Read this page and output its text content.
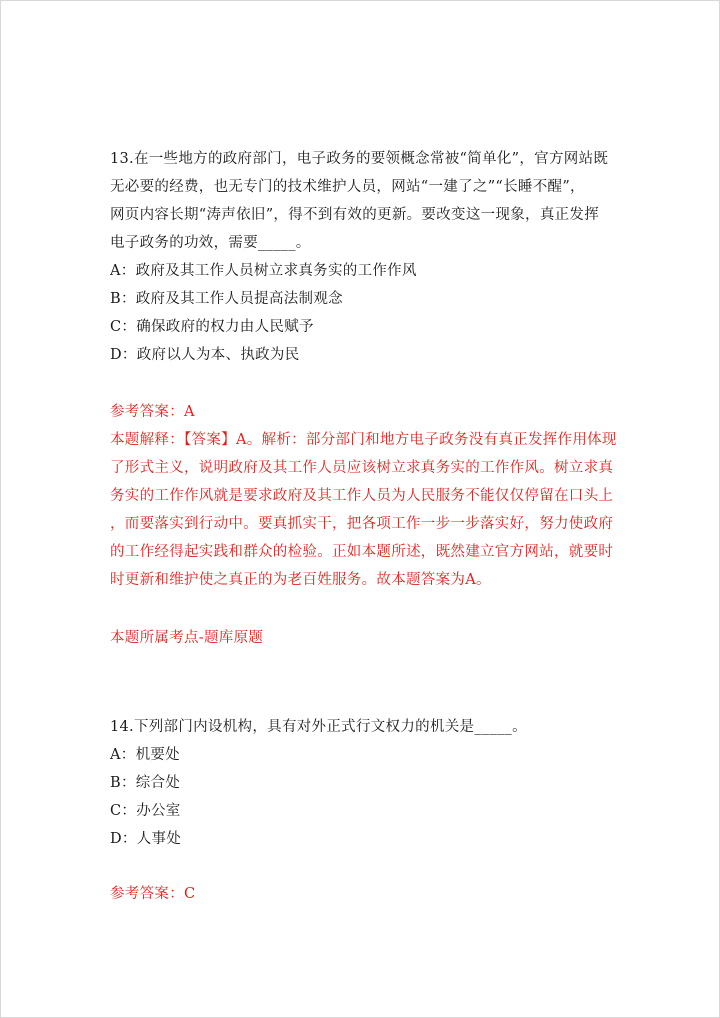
13.在一些地方的政府部门，电子政务的要领概念常被“简单化”，官方网站既
无必要的经费，也无专门的技术维护人员，网站“一建了之”“长睡不醒”，
网页内容长期“涛声依旧”，得不到有效的更新。要改变这一现象，真正发挥
电子政务的功效，需要_____。
A：政府及其工作人员树立求真务实的工作作风
B：政府及其工作人员提高法制观念
C：确保政府的权力由人民赋予
D：政府以人为本、执政为民
参考答案：A
本题解释：【答案】A。解析：部分部门和地方电子政务没有真正发挥作用体现
了形式主义，说明政府及其工作人员应该树立求真务实的工作作风。树立求真
务实的工作作风就是要求政府及其工作人员为人民服务不能仅仅停留在口头上
，而要落实到行动中。要真抓实干，把各项工作一步一步落实好，努力使政府
的工作经得起实践和群众的检验。正如本题所述，既然建立官方网站，就要时
时更新和维护使之真正的为老百姓服务。故本题答案为A。
本题所属考点-题库原题
14.下列部门内设机构，具有对外正式行文权力的机关是_____。
A：机要处
B：综合处
C：办公室
D：人事处
参考答案：C
